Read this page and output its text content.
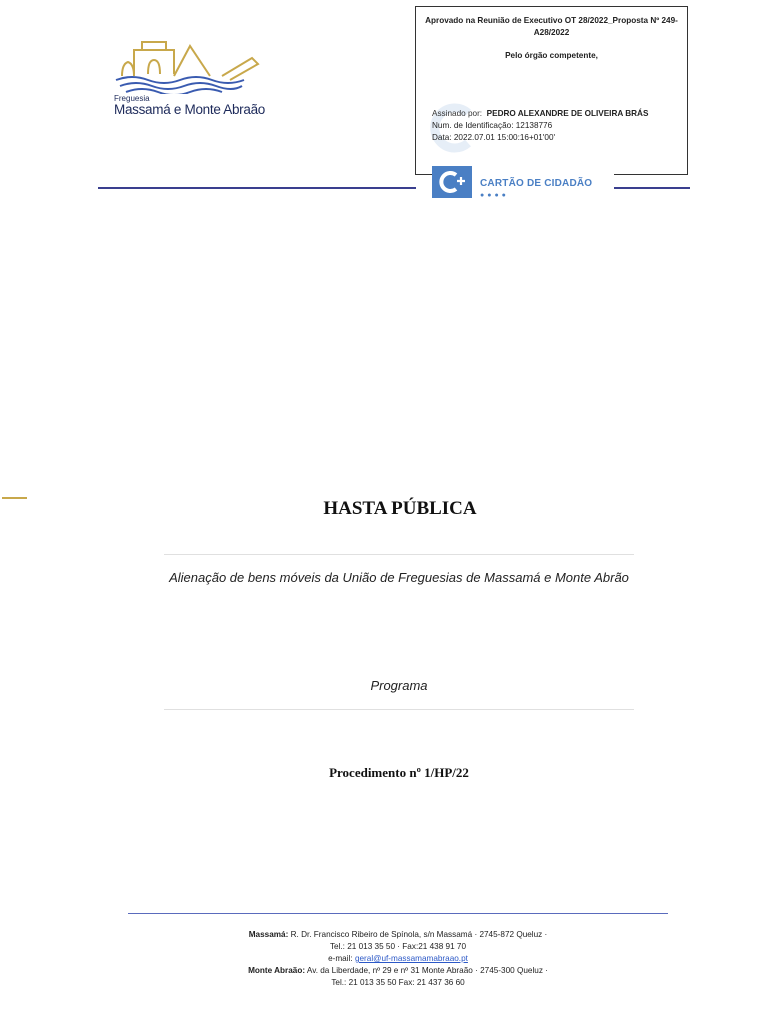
Freguesia
Massamá e Monte Abraão
Aprovado na Reunião de Executivo OT 28/2022_Proposta Nº 249-A28/2022
Pelo órgão competente,
Assinado por: PEDRO ALEXANDRE DE OLIVEIRA BRÁS
Num. de Identificação: 12138776
Data: 2022.07.01 15:00:16+01'00'
CARTÃO DE CIDADÃO
●●●●
HASTA PÚBLICA
Alienação de bens móveis da União de Freguesias de Massamá e Monte Abrão
Programa
Procedimento nº 1/HP/22
Massamá: R. Dr. Francisco Ribeiro de Spínola, s/n Massamá · 2745-872 Queluz ·
Tel.: 21 013 35 50 · Fax:21 438 91 70
e-mail: geral@uf-massamamabraao.pt
Monte Abraão: Av. da Liberdade, nº 29 e nº 31 Monte Abraão · 2745-300 Queluz ·
Tel.: 21 013 35 50 Fax: 21 437 36 60
